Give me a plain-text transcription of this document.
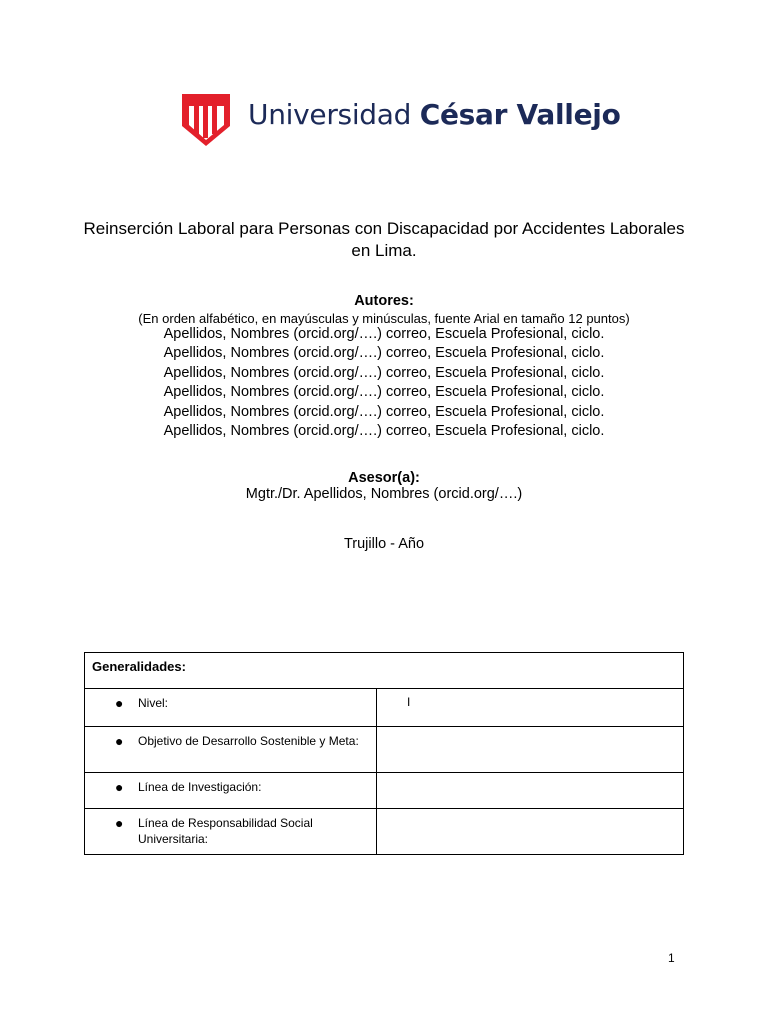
Universidad César Vallejo
Reinserción Laboral para Personas con Discapacidad por Accidentes Laborales en Lima.
Autores:
(En orden alfabético, en mayúsculas y minúsculas, fuente Arial en tamaño 12 puntos)
Apellidos, Nombres (orcid.org/….) correo, Escuela Profesional, ciclo.
Apellidos, Nombres (orcid.org/….) correo, Escuela Profesional, ciclo.
Apellidos, Nombres (orcid.org/….) correo, Escuela Profesional, ciclo.
Apellidos, Nombres (orcid.org/….) correo, Escuela Profesional, ciclo.
Apellidos, Nombres (orcid.org/….) correo, Escuela Profesional, ciclo.
Apellidos, Nombres (orcid.org/….) correo, Escuela Profesional, ciclo.
Asesor(a):
Mgtr./Dr. Apellidos, Nombres (orcid.org/….)
Trujillo - Año
Generalidades:	

● Nivel:	I

● Objetivo de Desarrollo Sostenible y Meta:	

● Línea de Investigación:	

● Línea de Responsabilidad Social Universitaria:	

1
